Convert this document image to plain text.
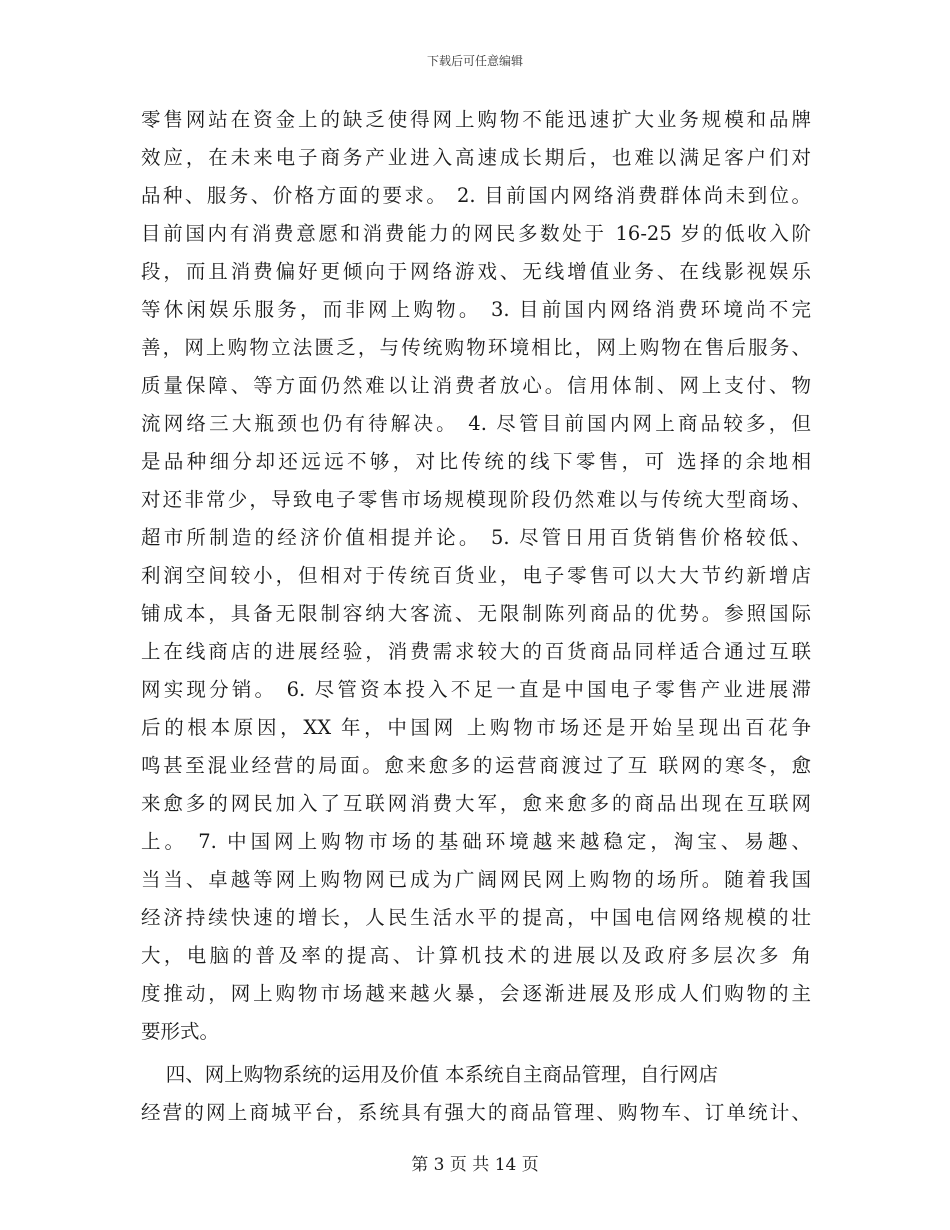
下载后可任意编辑
零售网站在资金上的缺乏使得网上购物不能迅速扩大业务规模和品牌
效应，在未来电子商务产业进入高速成长期后，也难以满足客户们对
品种、服务、价格方面的要求。 2. 目前国内网络消费群体尚未到位。
目前国内有消费意愿和消费能力的网民多数处于 16-25 岁的低收入阶
段，而且消费偏好更倾向于网络游戏、无线增值业务、在线影视娱乐
等休闲娱乐服务，而非网上购物。 3. 目前国内网络消费环境尚不完
善，网上购物立法匮乏，与传统购物环境相比，网上购物在售后服务、
质量保障、等方面仍然难以让消费者放心。信用体制、网上支付、物
流网络三大瓶颈也仍有待解决。 4. 尽管目前国内网上商品较多，但
是品种细分却还远远不够，对比传统的线下零售，可 选择的余地相
对还非常少，导致电子零售市场规模现阶段仍然难以与传统大型商场、
超市所制造的经济价值相提并论。 5. 尽管日用百货销售价格较低、
利润空间较小，但相对于传统百货业，电子零售可以大大节约新增店
铺成本，具备无限制容纳大客流、无限制陈列商品的优势。参照国际
上在线商店的进展经验，消费需求较大的百货商品同样适合通过互联
网实现分销。 6. 尽管资本投入不足一直是中国电子零售产业进展滞
后的根本原因，XX 年，中国网 上购物市场还是开始呈现出百花争
鸣甚至混业经营的局面。愈来愈多的运营商渡过了互 联网的寒冬，愈
来愈多的网民加入了互联网消费大军，愈来愈多的商品出现在互联网
上。 7. 中国网上购物市场的基础环境越来越稳定，淘宝、易趣、
当当、卓越等网上购物网已成为广阔网民网上购物的场所。随着我国
经济持续快速的增长，人民生活水平的提高，中国电信网络规模的壮
大，电脑的普及率的提高、计算机技术的进展以及政府多层次多 角
度推动，网上购物市场越来越火暴，会逐渐进展及形成人们购物的主
要形式。
四、网上购物系统的运用及价值 本系统自主商品管理，自行网店
经营的网上商城平台，系统具有强大的商品管理、购物车、订单统计、
第 3 页 共 14 页
